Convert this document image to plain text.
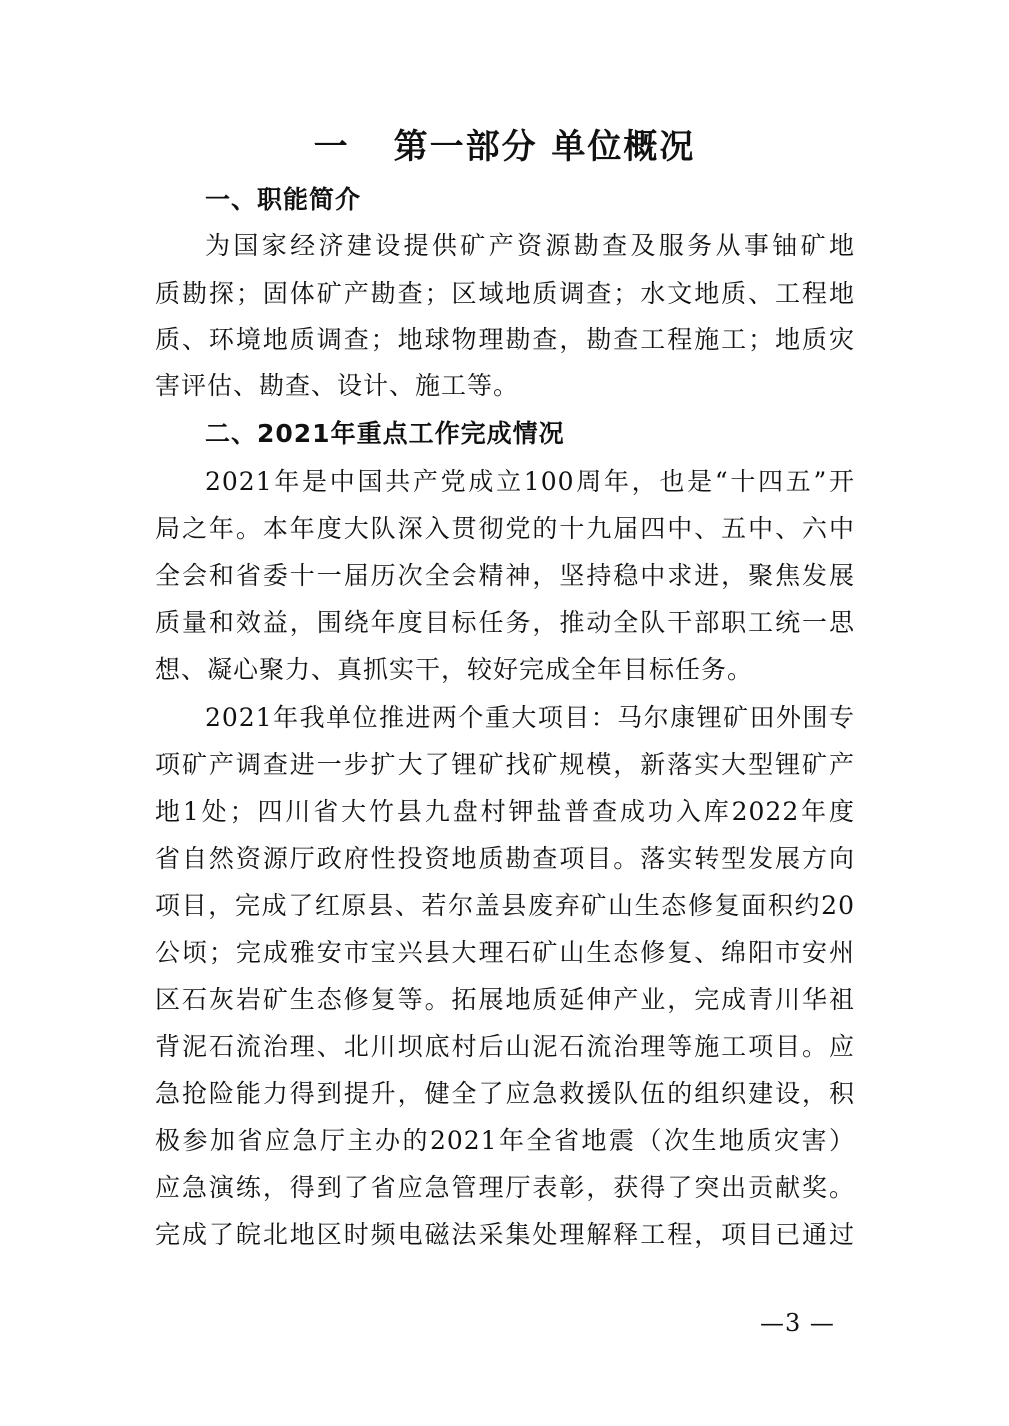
一 第一部分 单位概况
一、职能简介
为国家经济建设提供矿产资源勘查及服务从事铀矿地
质勘探；固体矿产勘查；区域地质调查；水文地质、工程地
质、环境地质调查；地球物理勘查，勘查工程施工；地质灾
害评估、勘查、设计、施工等。
二、2021年重点工作完成情况
2021年是中国共产党成立100周年，也是“十四五”开
局之年。本年度大队深入贯彻党的十九届四中、五中、六中
全会和省委十一届历次全会精神，坚持稳中求进，聚焦发展
质量和效益，围绕年度目标任务，推动全队干部职工统一思
想、凝心聚力、真抓实干，较好完成全年目标任务。
2021年我单位推进两个重大项目：马尔康锂矿田外围专
项矿产调查进一步扩大了锂矿找矿规模，新落实大型锂矿产
地1处；四川省大竹县九盘村钾盐普查成功入库2022年度
省自然资源厅政府性投资地质勘查项目。落实转型发展方向
项目，完成了红原县、若尔盖县废弃矿山生态修复面积约20
公顷；完成雅安市宝兴县大理石矿山生态修复、绵阳市安州
区石灰岩矿生态修复等。拓展地质延伸产业，完成青川华祖
背泥石流治理、北川坝底村后山泥石流治理等施工项目。应
急抢险能力得到提升，健全了应急救援队伍的组织建设，积
极参加省应急厅主办的2021年全省地震（次生地质灾害）
应急演练，得到了省应急管理厅表彰，获得了突出贡献奖。
完成了皖北地区时频电磁法采集处理解释工程，项目已通过
—3 —
